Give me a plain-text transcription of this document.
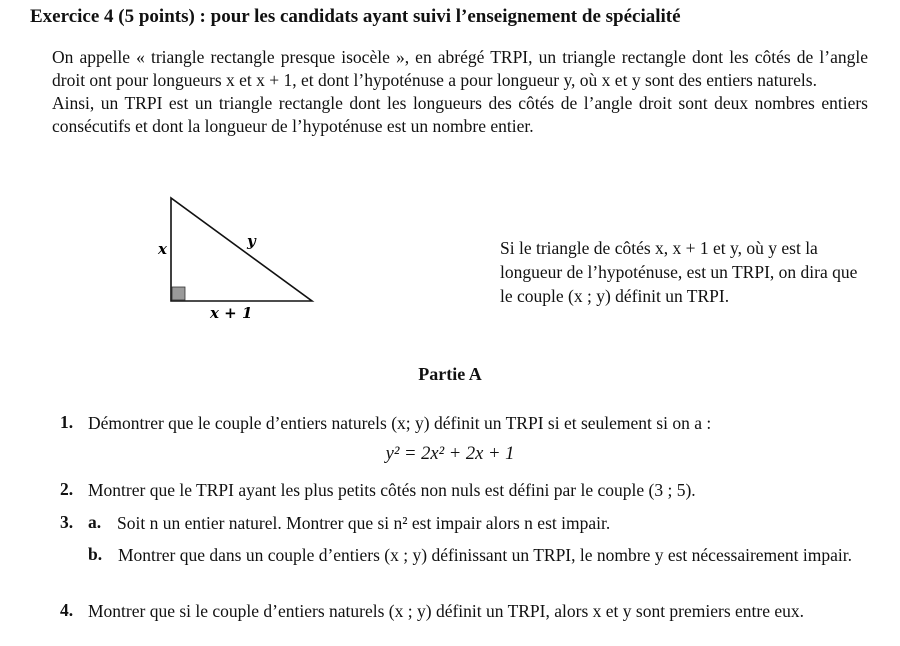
Exercice 4 (5 points) : pour les candidats ayant suivi l’enseignement de spécialité

On appelle « triangle rectangle presque isocèle », en abrégé TRPI, un triangle rectangle dont les côtés de l’angle droit ont pour longueurs x et x + 1, et dont l’hypoténuse a pour longueur y, où x et y sont des entiers naturels.

Ainsi, un TRPI est un triangle rectangle dont les longueurs des côtés de l’angle droit sont deux nombres entiers consécutifs et dont la longueur de l’hypoténuse est un nombre entier.

x	y
x + 1

Si le triangle de côtés x, x + 1 et y, où y est la longueur de l’hypoténuse, est un TRPI, on dira que le couple (x ; y) définit un TRPI.

Partie A
1. Démontrer que le couple d’entiers naturels (x; y) définit un TRPI si et seulement si on a :
y² = 2x² + 2x + 1
2. Montrer que le TRPI ayant les plus petits côtés non nuls est défini par le couple (3 ; 5).
3. a. Soit n un entier naturel. Montrer que si n² est impair alors n est impair.
b. Montrer que dans un couple d’entiers (x ; y) définissant un TRPI, le nombre y est nécessairement impair.
4. Montrer que si le couple d’entiers naturels (x ; y) définit un TRPI, alors x et y sont premiers entre eux.
